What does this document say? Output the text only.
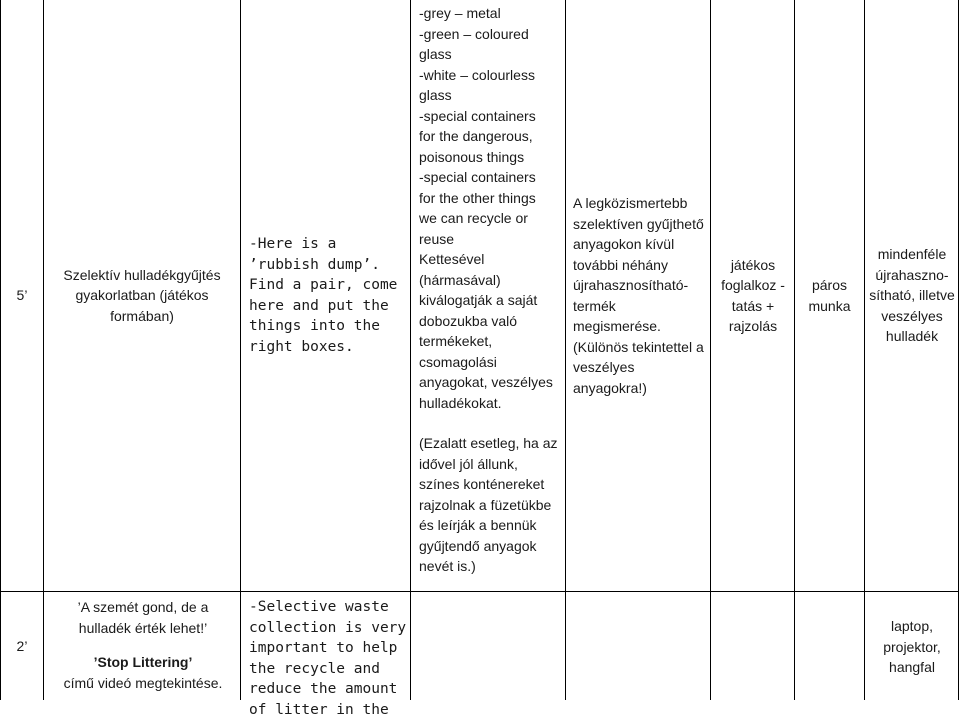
5’
Szelektív hulladékgyűjtés gyakorlatban (játékos formában)
-Here is a ’rubbish dump’. Find a pair, come here and put the things into the right boxes.

-grey – metal

-green – coloured

glass

-white – colourless

glass

-special containers

for the dangerous,

poisonous things

-special containers

for the other things

we can recycle or

reuse

Kettesével (hármasával) kiválogatják a saját dobozukba való termékeket, csomagolási anyagokat, veszélyes hulladékokat.

(Ezalatt esetleg, ha az idővel jól állunk, színes konténereket rajzolnak a füzetükbe és leírják a bennük gyűjtendő anyagok nevét is.)

A legközismertebb szelektíven gyűjthető anyagokon kívül további néhány újrahasznosítható-termék megismerése.

(Különös tekintettel a veszélyes anyagokra!)

játékos foglalkoz -tatás + rajzolás
páros munka
mindenféle újrahaszno-sítható, illetve veszélyes hulladék
2’

’A szemét gond, de a hulladék érték lehet!’

’Stop Littering’

című videó megtekintése.

-Selective waste collection is very important to help the recycle and reduce the amount of litter in the
laptop, projektor, hangfal
